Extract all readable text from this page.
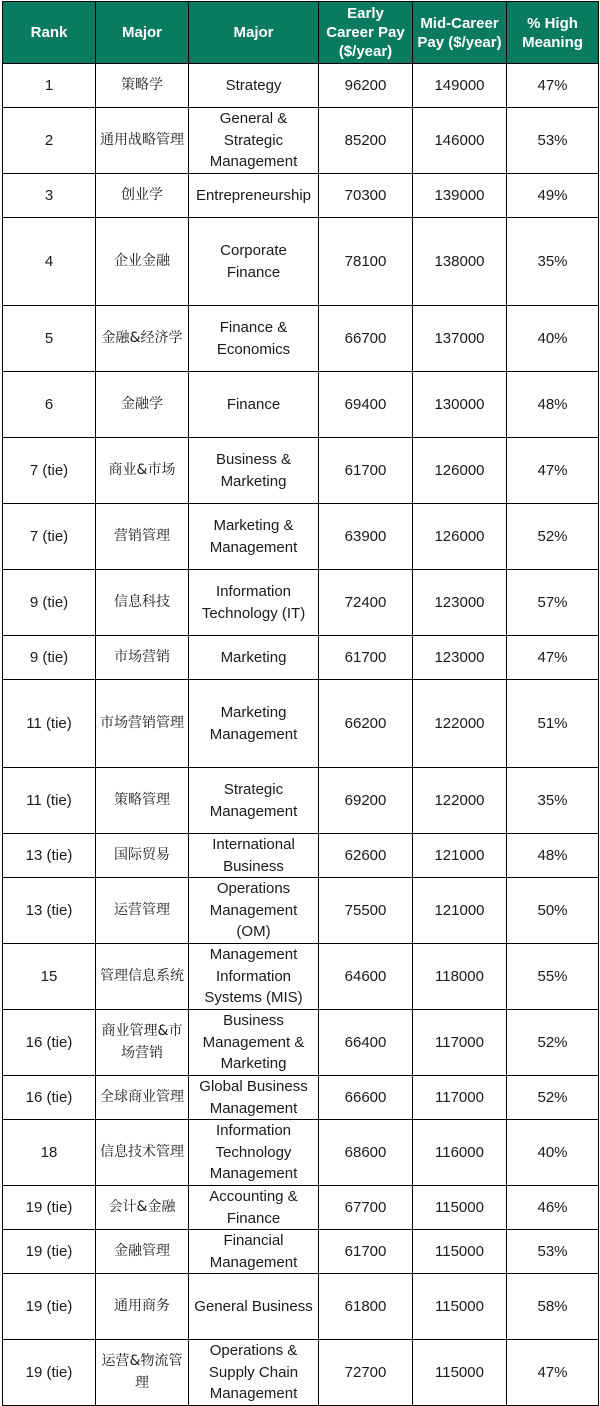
Rank	Major	Major	Early Career Pay ($/year)	Mid-Career Pay ($/year)	% High Meaning
1	策略学	Strategy	96200	149000	47%
2	通用战略管理	General & Strategic Management	85200	146000	53%
3	创业学	Entrepreneurship	70300	139000	49%
4	企业金融	Corporate Finance	78100	138000	35%
5	金融&经济学	Finance & Economics	66700	137000	40%
6	金融学	Finance	69400	130000	48%
7 (tie)	商业&市场	Business & Marketing	61700	126000	47%
7 (tie)	营销管理	Marketing & Management	63900	126000	52%
9 (tie)	信息科技	Information Technology (IT)	72400	123000	57%
9 (tie)	市场营销	Marketing	61700	123000	47%
11 (tie)	市场营销管理	Marketing Management	66200	122000	51%
11 (tie)	策略管理	Strategic Management	69200	122000	35%
13 (tie)	国际贸易	International Business	62600	121000	48%
13 (tie)	运营管理	Operations Management (OM)	75500	121000	50%
15	管理信息系统	Management Information Systems (MIS)	64600	118000	55%
16 (tie)	商业管理&市场营销	Business Management & Marketing	66400	117000	52%
16 (tie)	全球商业管理	Global Business Management	66600	117000	52%
18	信息技术管理	Information Technology Management	68600	116000	40%
19 (tie)	会计&金融	Accounting & Finance	67700	115000	46%
19 (tie)	金融管理	Financial Management	61700	115000	53%
19 (tie)	通用商务	General Business	61800	115000	58%
19 (tie)	运营&物流管理	Operations & Supply Chain Management	72700	115000	47%
